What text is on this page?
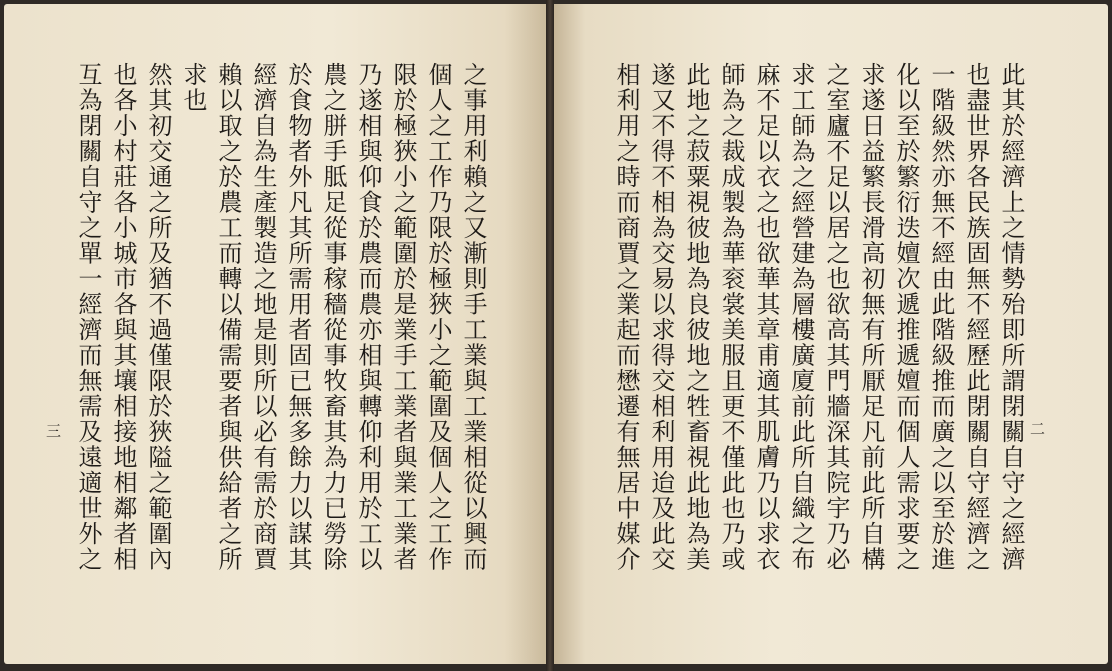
之事用利賴之又漸則手工業與工業相從以興而
個人之工作乃限於極狹小之範圍及個人之工作
限於極狹小之範圍於是業手工業者與業工業者
乃遂相與仰食於農而農亦相與轉仰利用於工以
農之胼手胝足從事稼穡從事牧畜其為力已勞除
於食物者外凡其所需用者固已無多餘力以謀其
經濟自為生產製造之地是則所以必有需於商賈
賴以取之於農工而轉以備需要者與供給者之所
求也
然其初交通之所及猶不過僅限於狹隘之範圍內
也各小村莊各小城市各與其壤相接地相鄰者相
互為閉關自守之單一經濟而無需及遠適世外之
三	此其於經濟上之情勢殆即所謂閉關自守之經濟
也盡世界各民族固無不經歷此閉關自守經濟之
一階級然亦無不經由此階級推而廣之以至於進
化以至於繁衍迭嬗次遞推遞嬗而個人需求要之
求遂日益繁長滑高初無有所厭足凡前此所自構
之室廬不足以居之也欲高其門牆深其院宇乃必
求工師為之經營建為層樓廣廈前此所自織之布
麻不足以衣之也欲華其章甫適其肌膚乃以求衣
師為之裁成製為華衮裳美服且更不僅此也乃或
此地之菽粟視彼地為良彼地之牲畜視此地為美
遂又不得不相為交易以求得交相利用迨及此交
相利用之時而商賈之業起而懋遷有無居中媒介	二
